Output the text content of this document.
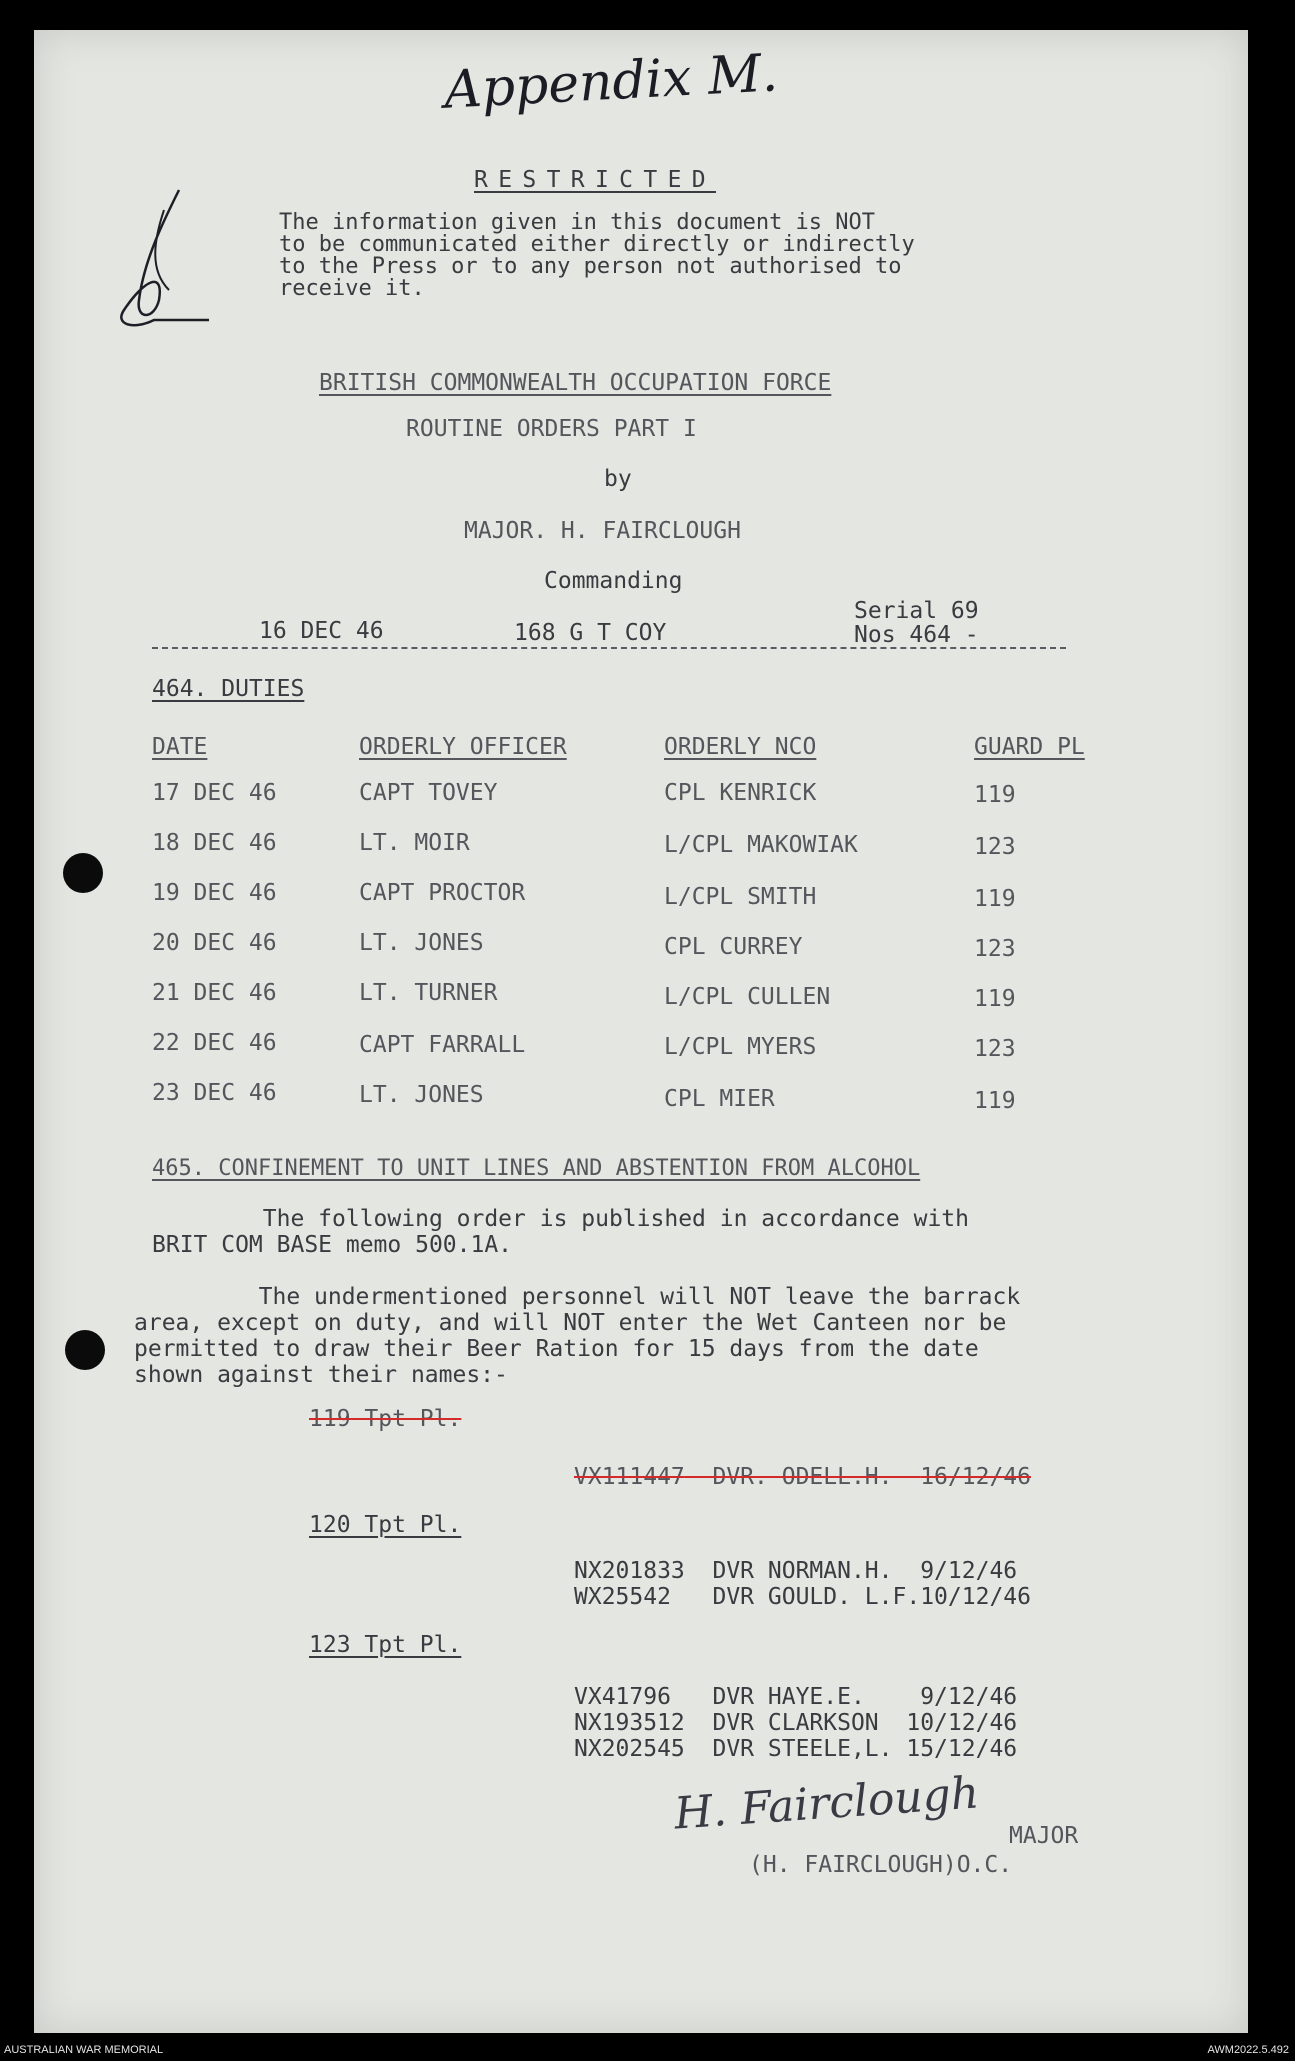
Appendix M.
RESTRICTED
The information given in this document is NOT
to be communicated either directly or indirectly
to the Press or to any person not authorised to
receive it.
BRITISH COMMONWEALTH OCCUPATION FORCE
ROUTINE ORDERS PART I
by
MAJOR. H. FAIRCLOUGH
Commanding
16 DEC 46	168 G T COY
Serial 69
Nos 464 -
464. DUTIES
DATE	ORDERLY OFFICER	ORDERLY NCO	GUARD PL
17 DEC 46	CAPT TOVEY	CPL KENRICK	119
18 DEC 46	LT. MOIR	L/CPL MAKOWIAK	123
19 DEC 46	CAPT PROCTOR	L/CPL SMITH	119
20 DEC 46	LT. JONES	CPL CURREY	123
21 DEC 46	LT. TURNER	L/CPL CULLEN	119
22 DEC 46	CAPT FARRALL	L/CPL MYERS	123
23 DEC 46	LT. JONES	CPL MIER	119
465. CONFINEMENT TO UNIT LINES AND ABSTENTION FROM ALCOHOL
The following order is published in accordance with
BRIT COM BASE memo 500.1A.
The undermentioned personnel will NOT leave the barrack
area, except on duty, and will NOT enter the Wet Canteen nor be
permitted to draw their Beer Ration for 15 days from the date
shown against their names:-
119 Tpt Pl.
VX111447 DVR. ODELL.H. 16/12/46
120 Tpt Pl.
NX201833 DVR NORMAN.H. 9/12/46
WX25542 DVR GOULD. L.F.10/12/46
123 Tpt Pl.
VX41796 DVR HAYE.E. 9/12/46
NX193512 DVR CLARKSON 10/12/46
NX202545 DVR STEELE,L. 15/12/46
H. Fairclough MAJOR
(H. FAIRCLOUGH)O.C.
AUSTRALIAN WAR MEMORIAL	AWM2022.5.492
